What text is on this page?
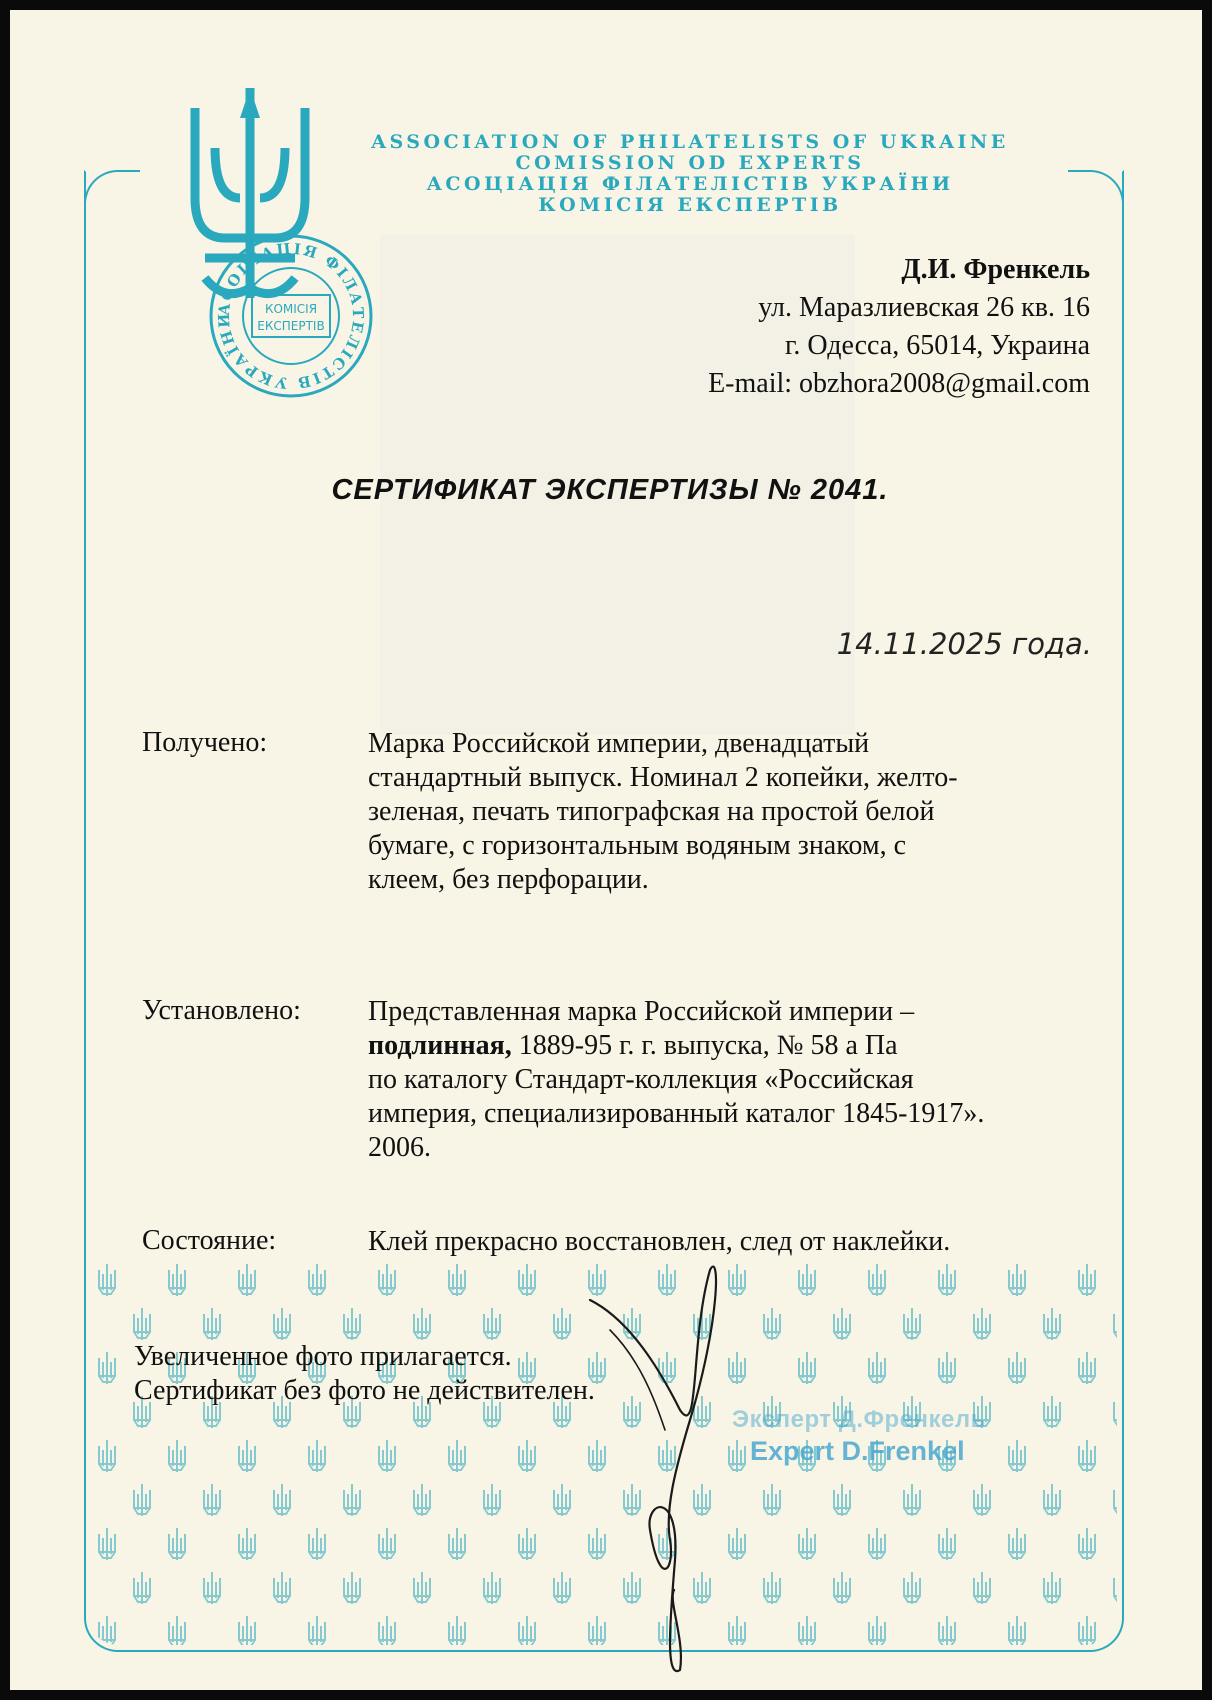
АСОЦІАЦІЯ ФІЛАТЕЛІСТІВ УКРАЇНИ
КОМІСІЯ
ЕКСПЕРТІВ
ASSOCIATION OF PHILATELISTS OF UKRAINE
COMISSION OD EXPERTS
АСОЦІАЦІЯ ФІЛАТЕЛІСТІВ УКРАЇНИ
КОМІСІЯ ЕКСПЕРТІВ
Д.И. Френкель
ул. Маразлиевская 26 кв. 16
г. Одесса, 65014, Украина
E-mail: obzhora2008@gmail.com
СЕРТИФИКАТ ЭКСПЕРТИЗЫ № 2041.
14.11.2025 года.
Получено:	Марка Российской империи, двенадцатый
стандартный выпуск. Номинал 2 копейки, желто-
зеленая, печать типографская на простой белой
бумаге, с горизонтальным водяным знаком, с
клеем, без перфорации.
Установлено: Представленная марка Российской империи –
подлинная, 1889-95 г. г. выпуска, № 58 а Па
по каталогу Стандарт-коллекция «Российская
империя, специализированный каталог 1845-1917».
2006.
Состояние:	Клей прекрасно восстановлен, след от наклейки.
Увеличенное фото прилагается.
Сертификат без фото не действителен.
Эксперт Д.Френкель
Expert D.Frenkel
